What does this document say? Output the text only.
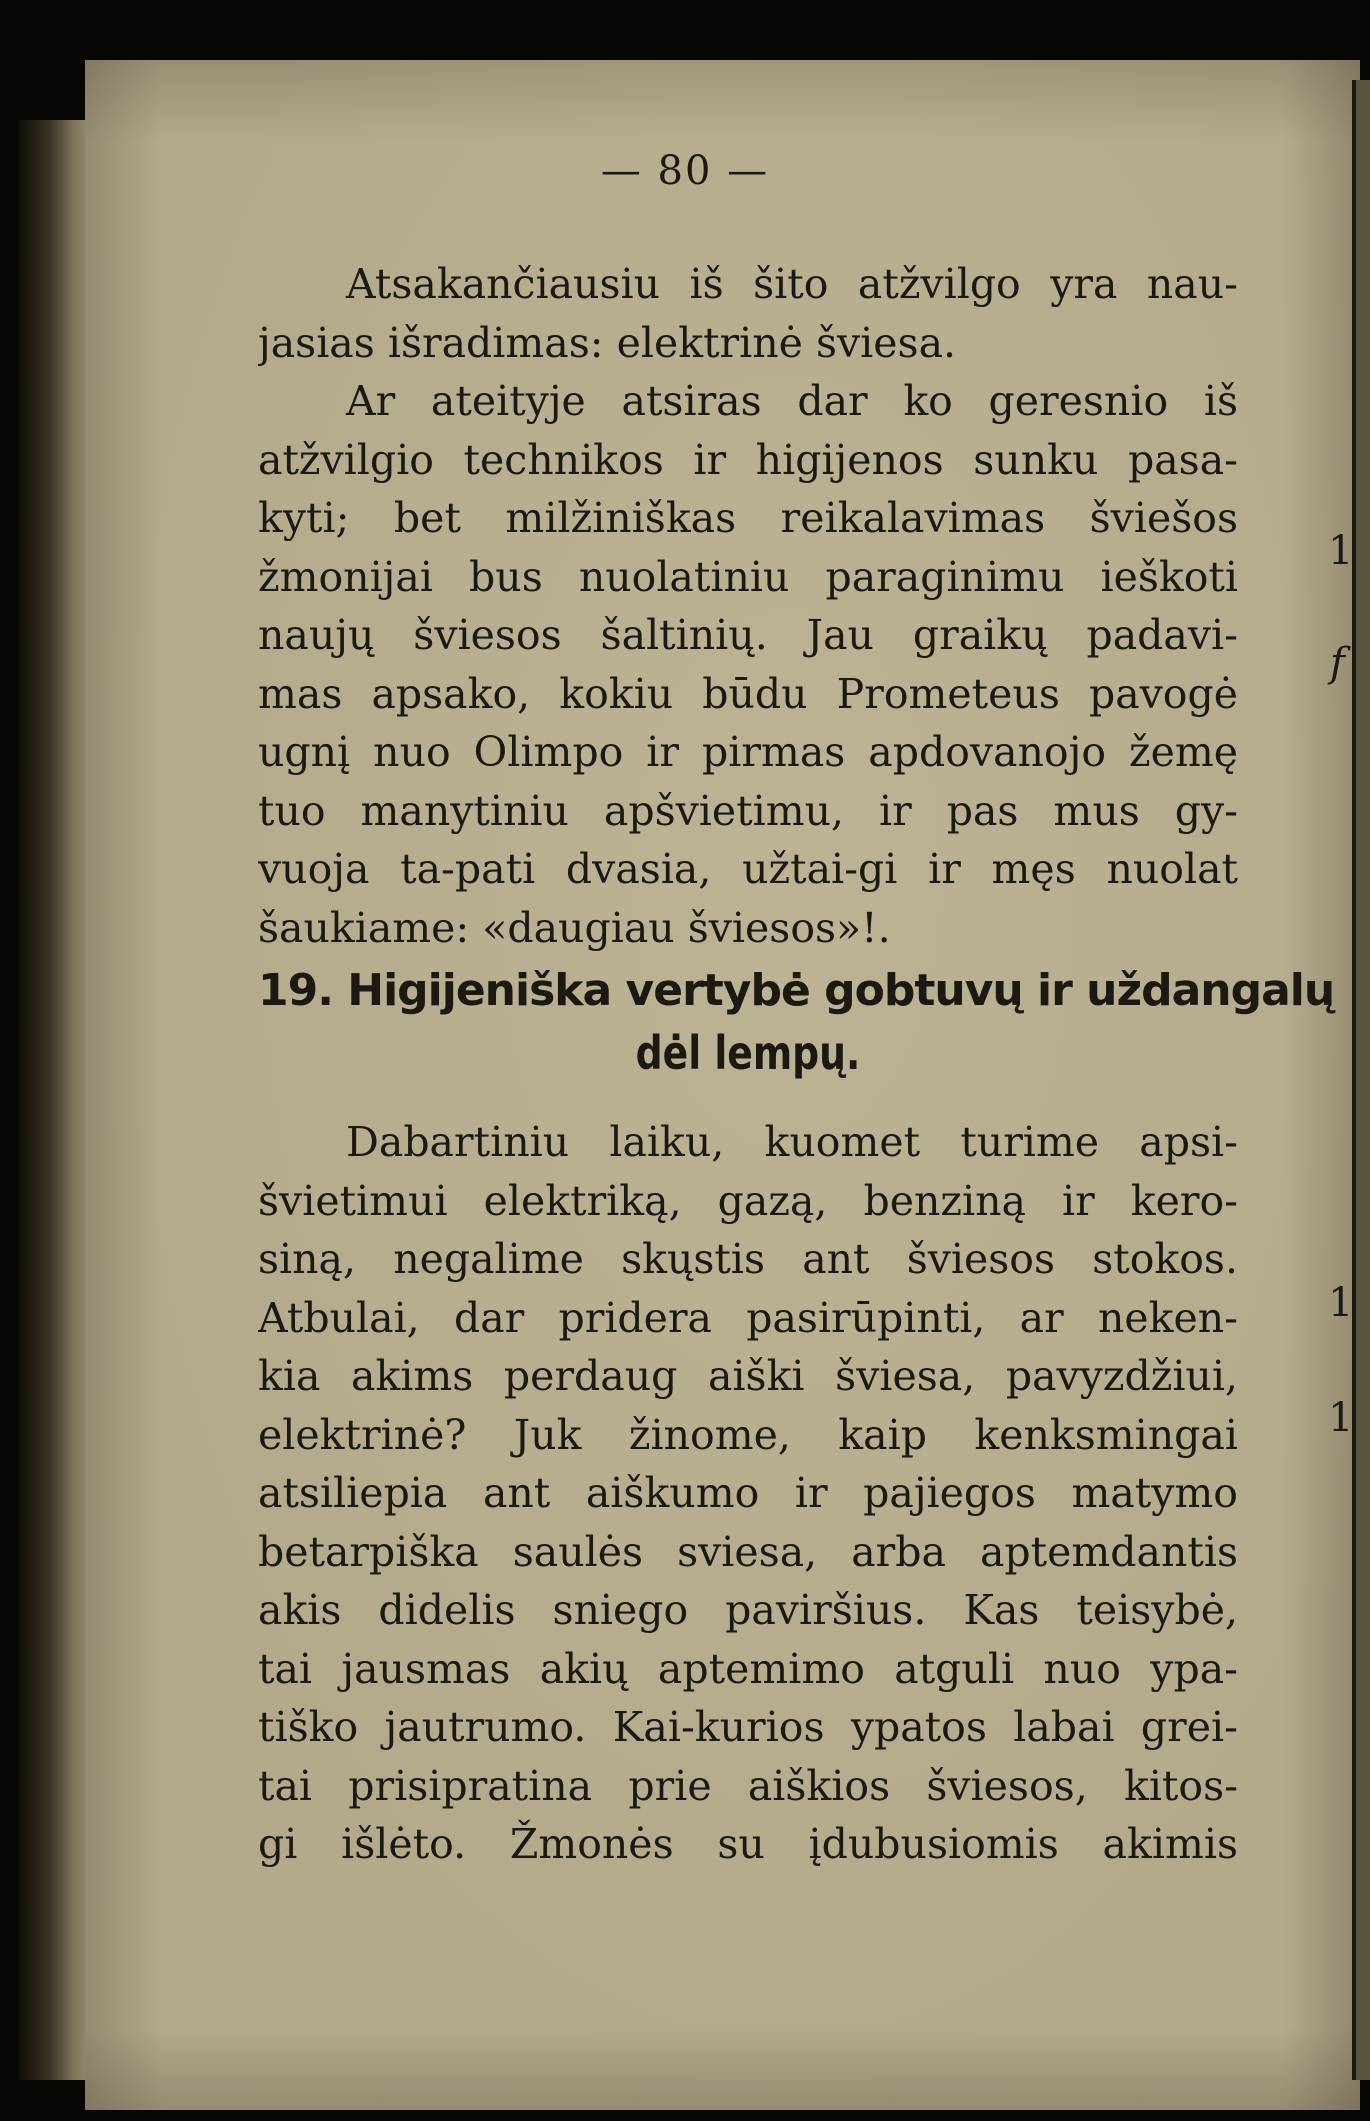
— 80 —
Atsakančiausiu iš šito atžvilgo yra nau-
jasias išradimas: elektrinė šviesa.
Ar ateityje atsiras dar ko geresnio iš
atžvilgio technikos ir higijenos sunku pasa-
kyti; bet milžiniškas reikalavimas šviešos
žmonijai bus nuolatiniu paraginimu ieškoti
naujų šviesos šaltinių. Jau graikų padavi-
mas apsako, kokiu būdu Prometeus pavogė
ugnį nuo Olimpo ir pirmas apdovanojo žemę
tuo manytiniu apšvietimu, ir pas mus gy-
vuoja ta-pati dvasia, užtai-gi ir męs nuolat
šaukiame: «daugiau šviesos»!.
19. Higijeniška vertybė gobtuvų ir uždangalų
dėl lempų.
Dabartiniu laiku, kuomet turime apsi-
švietimui elektriką, gazą, benziną ir kero-
siną, negalime skųstis ant šviesos stokos.
Atbulai, dar pridera pasirūpinti, ar neken-
kia akims perdaug aiški šviesa, pavyzdžiui,
elektrinė? Juk žinome, kaip kenksmingai
atsiliepia ant aiškumo ir pajiegos matymo
betarpiška saulės sviesa, arba aptemdantis
akis didelis sniego paviršius. Kas teisybė,
tai jausmas akių aptemimo atguli nuo ypa-
tiško jautrumo. Kai-kurios ypatos labai grei-
tai prisipratina prie aiškios šviesos, kitos-
gi išlėto. Žmonės su įdubusiomis akimis
1
f
1
1
